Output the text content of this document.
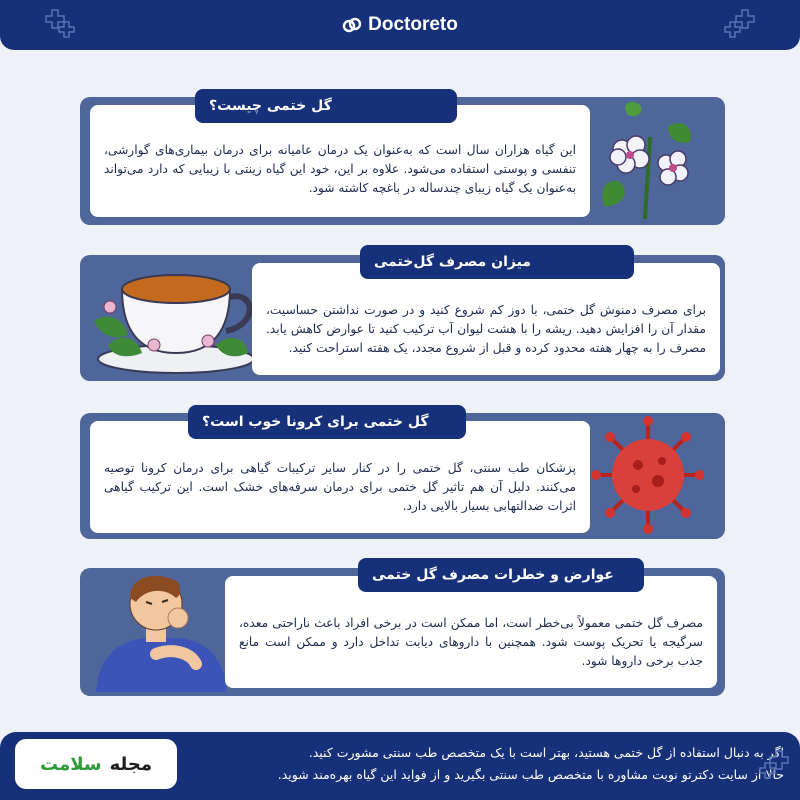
Doctoreto
این گیاه هزاران سال است که به‌عنوان یک درمان عامیانه برای درمان بیماری‌های گوارشی، تنفسی و پوستی استفاده می‌شود. علاوه بر این، خود این گیاه زینتی با زیبایی که دارد می‌تواند به‌عنوان یک گیاه زیبای چندساله در باغچه کاشته شود.
گل ختمی چیست؟
برای مصرف دمنوش گل ختمی، با دوز کم شروع کنید و در صورت نداشتن حساسیت، مقدار آن را افزایش دهید. ریشه را با هشت لیوان آب ترکیب کنید تا عوارض کاهش یابد. مصرف را به چهار هفته محدود کرده و قبل از شروع مجدد، یک هفته استراحت کنید.
میزان مصرف گل‌ختمی
پزشکان طب سنتی، گل ختمی را در کنار سایر ترکیبات گیاهی برای درمان کرونا توصیه می‌کنند. دلیل آن هم تاثیر گل ختمی برای درمان سرفه‌های خشک است. این ترکیب گیاهی اثرات ضدالتهابی بسیار بالایی دارد.
گل ختمی برای کرونا خوب است؟
مصرف گل ختمی معمولاً بی‌خطر است، اما ممکن است در برخی افراد باعث ناراحتی معده، سرگیجه یا تحریک پوست شود. همچنین با داروهای دیابت تداخل دارد و ممکن است مانع جذب برخی داروها شود.
عوارض و خطرات مصرف گل ختمی
اگر به دنبال استفاده از گل ختمی هستید، بهتر است با یک متخصص طب سنتی مشورت کنید.
حالا از سایت دکترتو نوبت مشاوره با متخصص طب سنتی بگیرید و از فواید این گیاه بهره‌مند شوید.
مجله
سلامت
